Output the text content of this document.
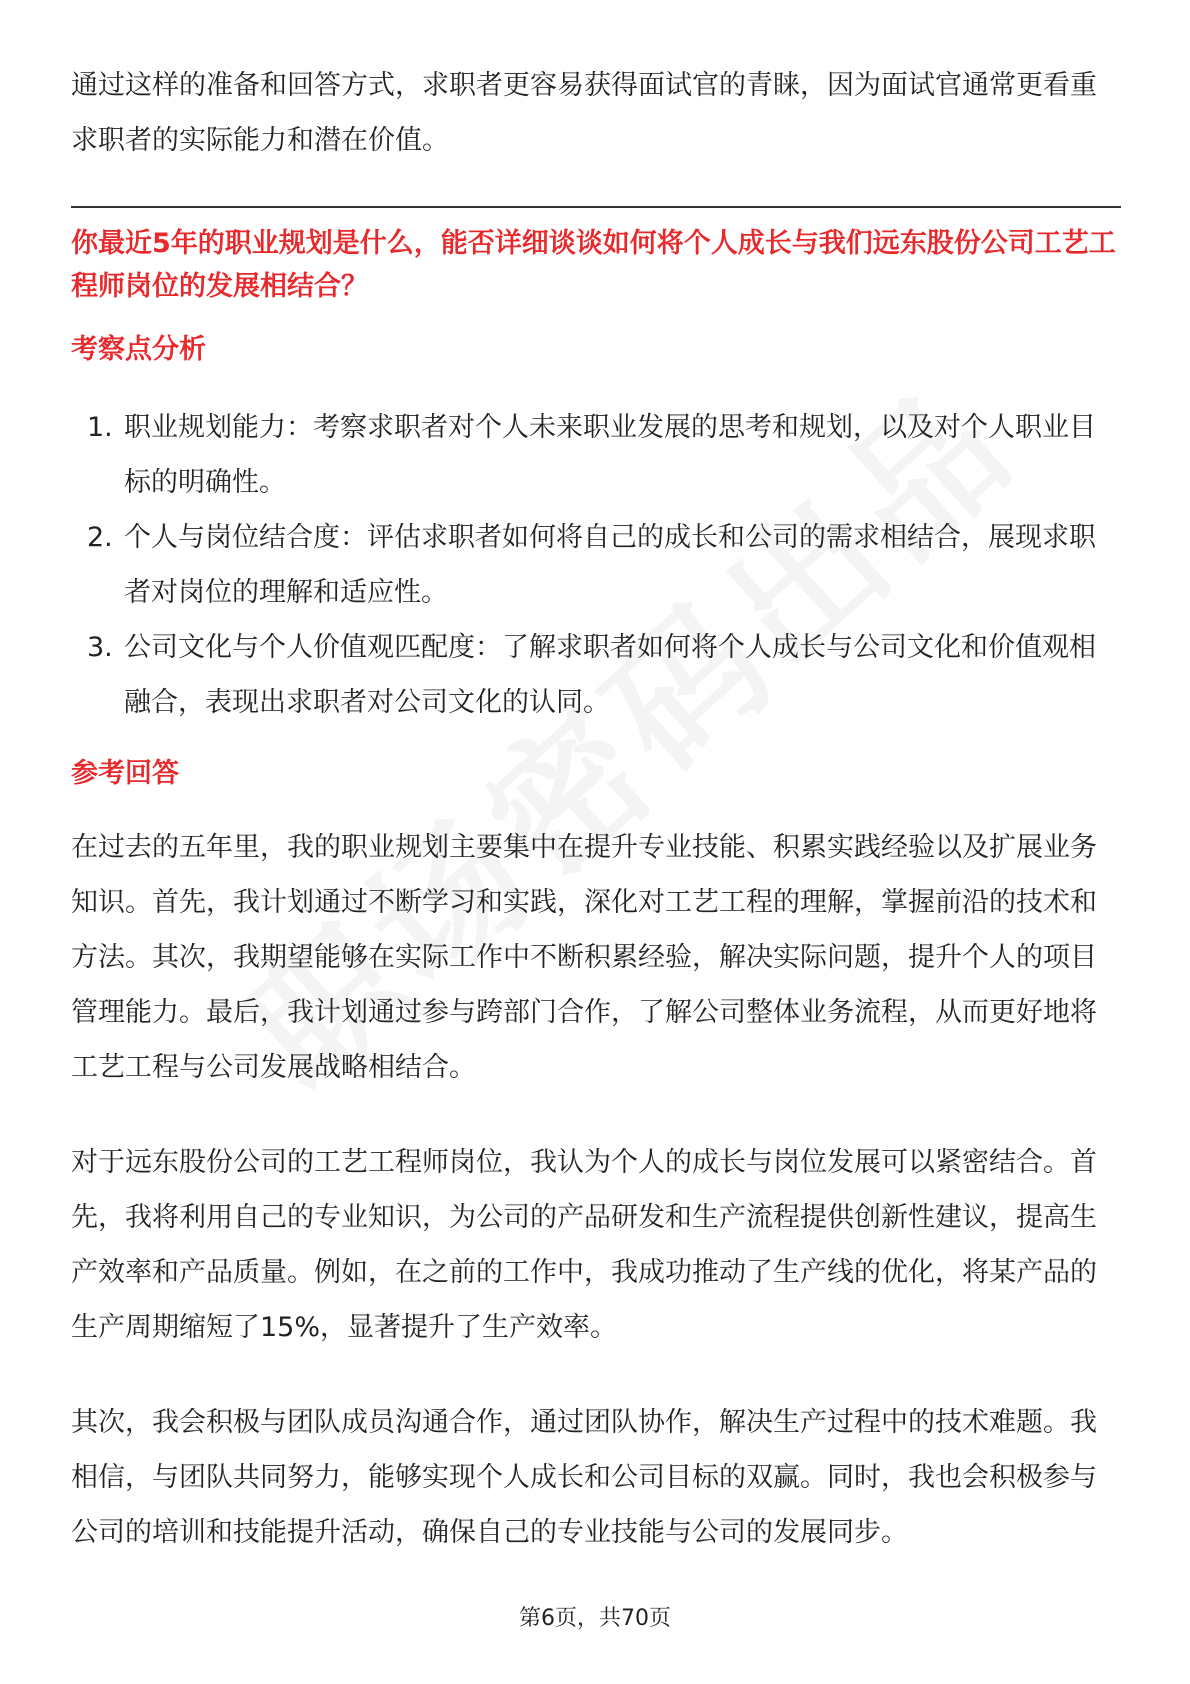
通过这样的准备和回答方式，求职者更容易获得面试官的青睐，因为面试官通常更看重求职者的实际能力和潜在价值。

你最近5年的职业规划是什么，能否详细谈谈如何将个人成长与我们远东股份公司工艺工程师岗位的发展相结合？

考察点分析

1. 职业规划能力：考察求职者对个人未来职业发展的思考和规划，以及对个人职业目标的明确性。
2. 个人与岗位结合度：评估求职者如何将自己的成长和公司的需求相结合，展现求职者对岗位的理解和适应性。
3. 公司文化与个人价值观匹配度：了解求职者如何将个人成长与公司文化和价值观相融合，表现出求职者对公司文化的认同。

参考回答

在过去的五年里，我的职业规划主要集中在提升专业技能、积累实践经验以及扩展业务知识。首先，我计划通过不断学习和实践，深化对工艺工程的理解，掌握前沿的技术和方法。其次，我期望能够在实际工作中不断积累经验，解决实际问题，提升个人的项目管理能力。最后，我计划通过参与跨部门合作，了解公司整体业务流程，从而更好地将工艺工程与公司发展战略相结合。

对于远东股份公司的工艺工程师岗位，我认为个人的成长与岗位发展可以紧密结合。首先，我将利用自己的专业知识，为公司的产品研发和生产流程提供创新性建议，提高生产效率和产品质量。例如，在之前的工作中，我成功推动了生产线的优化，将某产品的生产周期缩短了15%，显著提升了生产效率。

其次，我会积极与团队成员沟通合作，通过团队协作，解决生产过程中的技术难题。我相信，与团队共同努力，能够实现个人成长和公司目标的双赢。同时，我也会积极参与公司的培训和技能提升活动，确保自己的专业技能与公司的发展同步。

第6页，共70页
